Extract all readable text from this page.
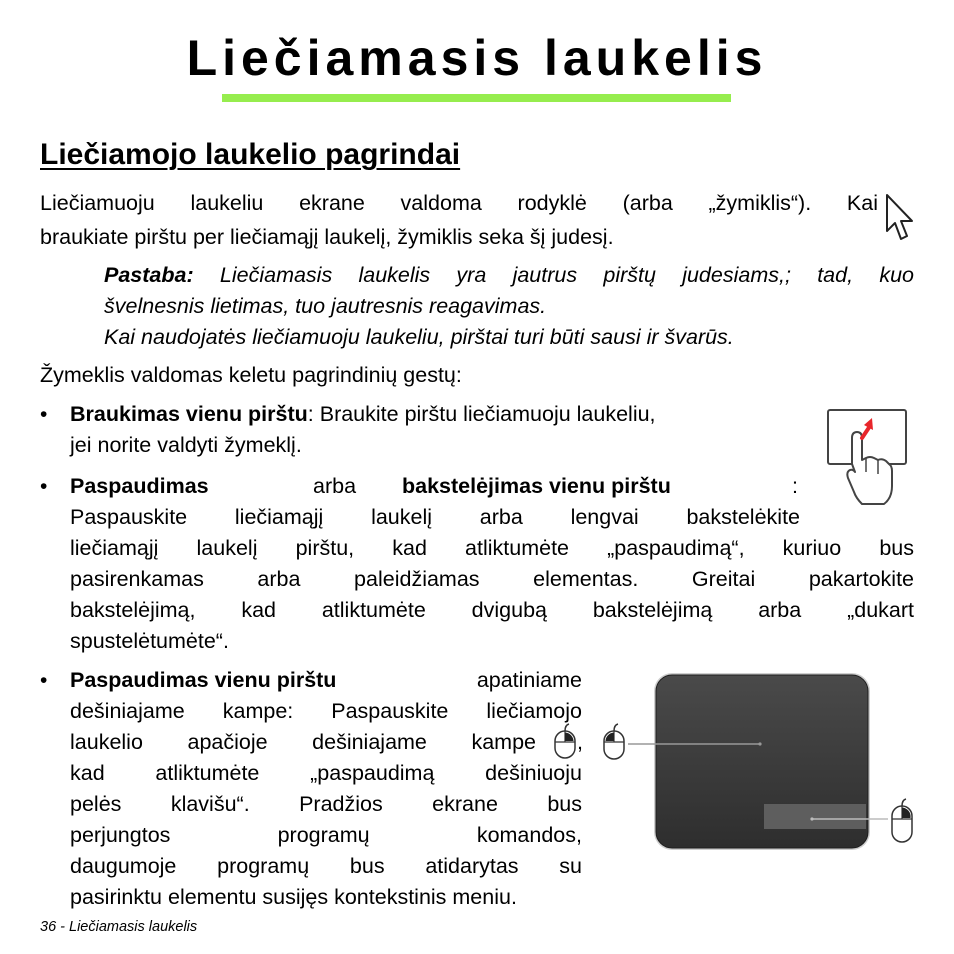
Liečiamasis laukelis
Liečiamojo laukelio pagrindai
Liečiamuoju laukeliu ekrane valdoma rodyklė (arba „žymiklis“). Kai
braukiate pirštu per liečiamąjį laukelį, žymiklis seka šį judesį.
Pastaba: Liečiamasis laukelis yra jautrus pirštų judesiams,; tad, kuo
švelnesnis lietimas, tuo jautresnis reagavimas.
Kai naudojatės liečiamuoju laukeliu, pirštai turi būti sausi ir švarūs.
Žymeklis valdomas keletu pagrindinių gestų:
• Braukimas vienu pirštu: Braukite pirštu liečiamuoju laukeliu,
jei norite valdyti žymeklį.
• Paspaudimas	arba bakstelėjimas vienu pirštu	:
Paspauskite liečiamąjį laukelį arba lengvai bakstelėkite
liečiamąjį laukelį pirštu, kad atliktumėte „paspaudimą“, kuriuo bus
pasirenkamas arba paleidžiamas elementas. Greitai pakartokite
bakstelėjimą, kad atliktumėte dvigubą bakstelėjimą arba „dukart
spustelėtumėte“.
• Paspaudimas vienu pirštu	apatiniame
dešiniajame kampe: Paspauskite liečiamojo
laukelio apačioje dešiniajame kampe ,
kad atliktumėte „paspaudimą dešiniuoju
pelės klavišu“. Pradžios ekrane bus
perjungtos programų komandos,
daugumoje programų bus atidarytas su
pasirinktu elementu susijęs kontekstinis meniu.
36 - Liečiamasis laukelis
